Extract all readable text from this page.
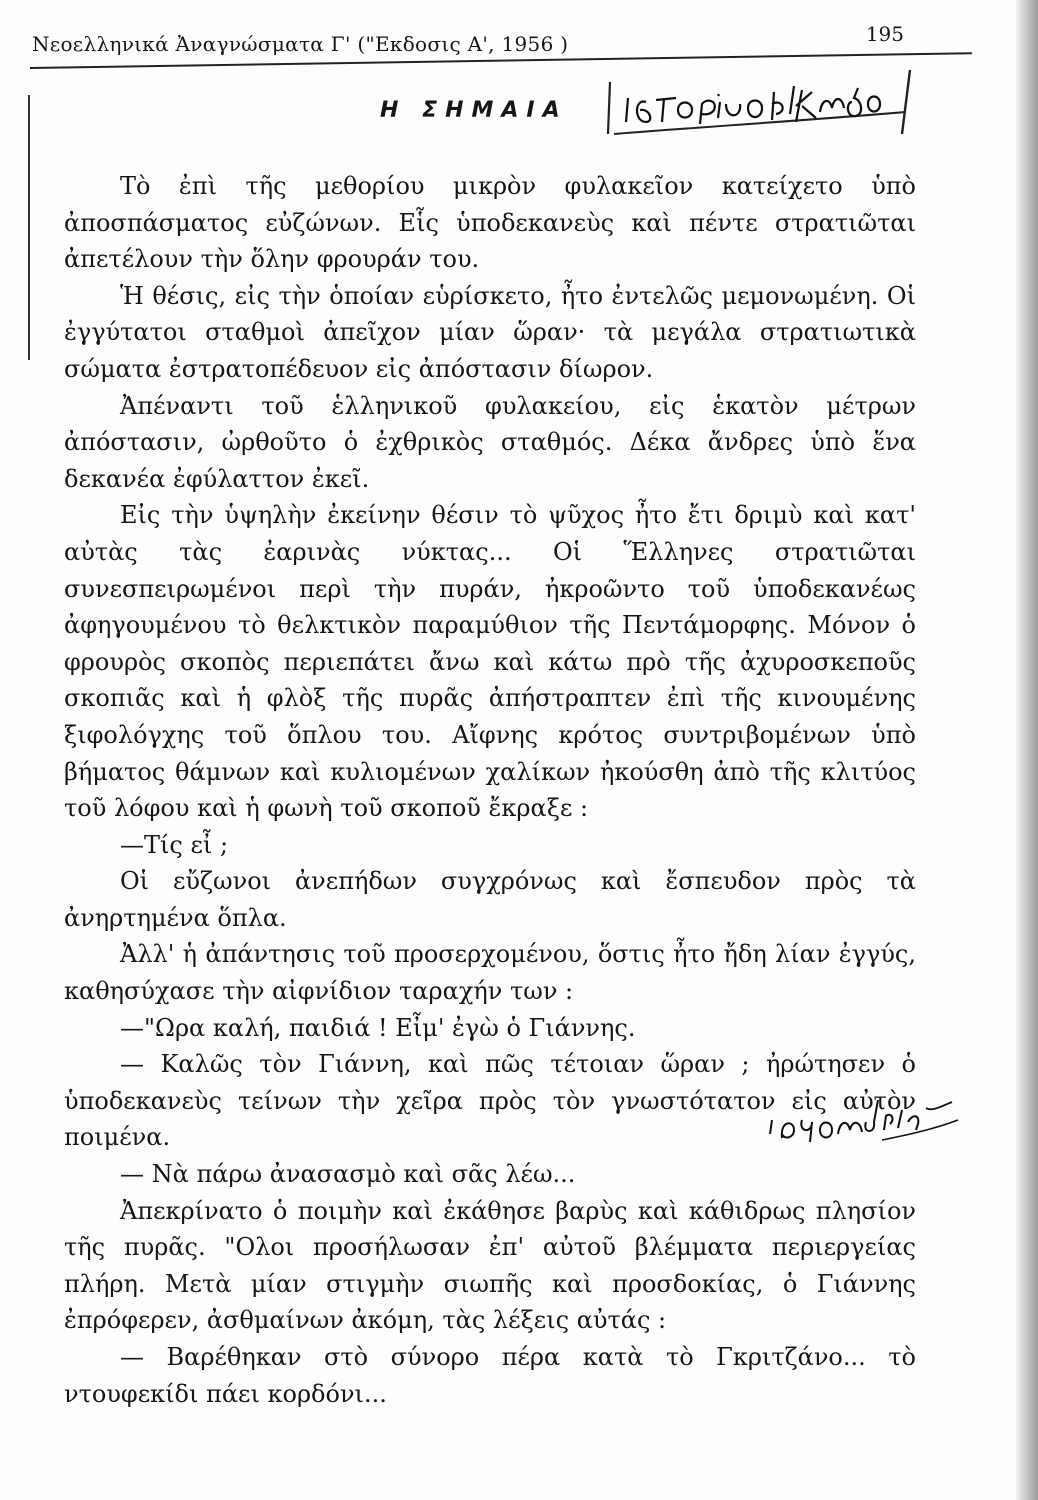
Νεοελληνικά Ἀναγνώσματα Γ' ("Εκδοσις Α', 1956 )	195
Η ΣΗΜΑΙΑ

Τὸ ἐπὶ τῆς μεθορίου μικρὸν φυλακεῖον κατείχετο ὑπὸ ἀποσπάσματος εὐζώνων. Εἷς ὑποδεκανεὺς καὶ πέντε στρατιῶται ἀπετέλουν τὴν ὅλην φρουράν του.

Ἡ θέσις, εἰς τὴν ὁποίαν εὑρίσκετο, ἦτο ἐντελῶς μεμονωμένη. Οἱ ἐγγύτατοι σταθμοὶ ἀπεῖχον μίαν ὥραν· τὰ μεγάλα στρατιωτικὰ σώματα ἐστρατοπέδευον εἰς ἀπόστασιν δίωρον.

Ἀπέναντι τοῦ ἑλληνικοῦ φυλακείου, εἰς ἑκατὸν μέτρων ἀπόστασιν, ὠρθοῦτο ὁ ἐχθρικὸς σταθμός. Δέκα ἄνδρες ὑπὸ ἕνα δεκανέα ἐφύλαττον ἐκεῖ.

Εἰς τὴν ὑψηλὴν ἐκείνην θέσιν τὸ ψῦχος ἦτο ἔτι δριμὺ καὶ κατ' αὐτὰς τὰς ἐαρινὰς νύκτας... Οἱ Ἕλληνες στρατιῶται συνεσπειρωμένοι περὶ τὴν πυράν, ἠκροῶντο τοῦ ὑποδεκανέως ἀφηγουμένου τὸ θελκτικὸν παραμύθιον τῆς Πεντάμορφης. Μόνον ὁ φρουρὸς σκοπὸς περιεπάτει ἄνω καὶ κάτω πρὸ τῆς ἀχυροσκεποῦς σκοπιᾶς καὶ ἡ φλὸξ τῆς πυρᾶς ἀπήστραπτεν ἐπὶ τῆς κινουμένης ξιφολόγχης τοῦ ὅπλου του. Αἴφνης κρότος συντριβομένων ὑπὸ βήματος θάμνων καὶ κυλιομένων χαλίκων ἠκούσθη ἀπὸ τῆς κλιτύος τοῦ λόφου καὶ ἡ φωνὴ τοῦ σκοποῦ ἔκραξε :

—Τίς εἶ ;

Οἱ εὔζωνοι ἀνεπήδων συγχρόνως καὶ ἔσπευδον πρὸς τὰ ἀνηρτημένα ὅπλα.

Ἀλλ' ἡ ἀπάντησις τοῦ προσερχομένου, ὅστις ἦτο ἤδη λίαν ἐγγύς, καθησύχασε τὴν αἰφνίδιον ταραχήν των :

—"Ωρα καλή, παιδιά ! Εἶμ' ἐγὼ ὁ Γιάννης.

— Καλῶς τὸν Γιάννη, καὶ πῶς τέτοιαν ὥραν ; ἠρώτησεν ὁ ὑποδεκανεὺς τείνων τὴν χεῖρα πρὸς τὸν γνωστότατον εἰς αὐτὸν ποιμένα.

— Νὰ πάρω ἀνασασμὸ καὶ σᾶς λέω...

Ἀπεκρίνατο ὁ ποιμὴν καὶ ἐκάθησε βαρὺς καὶ κάθιδρως πλησίον τῆς πυρᾶς. "Ολοι προσήλωσαν ἐπ' αὐτοῦ βλέμματα περιεργείας πλήρη. Μετὰ μίαν στιγμὴν σιωπῆς καὶ προσδοκίας, ὁ Γιάννης ἐπρόφερεν, ἀσθμαίνων ἀκόμη, τὰς λέξεις αὐτάς :

— Βαρέθηκαν στὸ σύνορο πέρα κατὰ τὸ Γκριτζάνο... τὸ ντουφεκίδι πάει κορδόνι...
